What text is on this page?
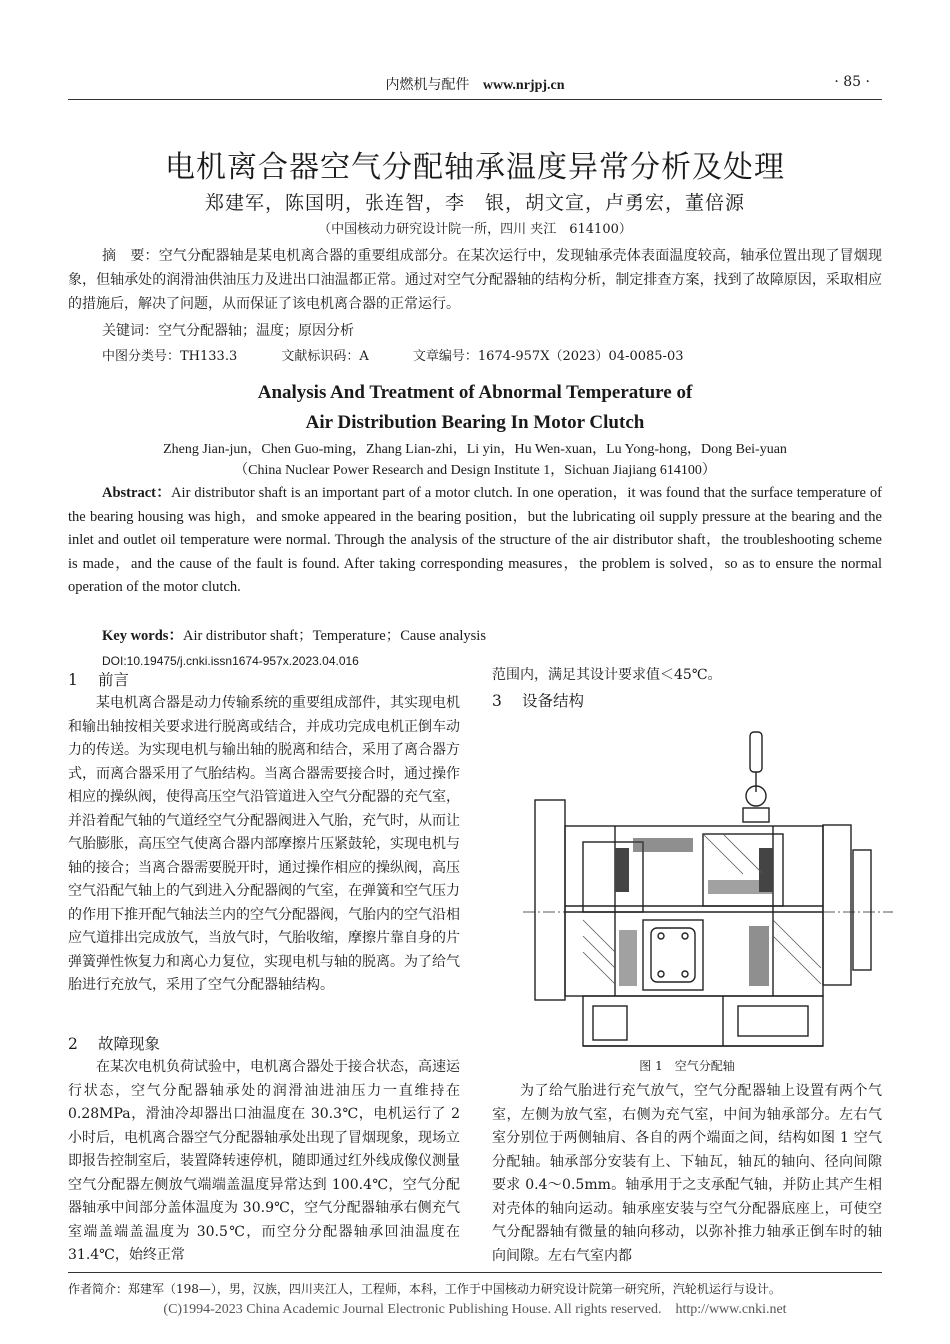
内燃机与配件 www.nrjpj.cn	· 85 ·
电机离合器空气分配轴承温度异常分析及处理
郑建军，陈国明，张连智，李　银，胡文宣，卢勇宏，董倍源
（中国核动力研究设计院一所，四川 夹江　614100）

摘　要：空气分配器轴是某电机离合器的重要组成部分。在某次运行中，发现轴承壳体表面温度较高，轴承位置出现了冒烟现象，但轴承处的润滑油供油压力及进出口油温都正常。通过对空气分配器轴的结构分析，制定排查方案，找到了故障原因，采取相应的措施后，解决了问题，从而保证了该电机离合器的正常运行。

关键词：空气分配器轴；温度；原因分析
中图分类号：TH133.3	文献标识码：A	文章编号：1674-957X（2023）04-0085-03
Analysis And Treatment of Abnormal Temperature of
Air Distribution Bearing In Motor Clutch
Zheng Jian-jun，Chen Guo-ming，Zhang Lian-zhi，Li yin，Hu Wen-xuan，Lu Yong-hong，Dong Bei-yuan
（China Nuclear Power Research and Design Institute 1，Sichuan Jiajiang 614100）

Abstract：Air distributor shaft is an important part of a motor clutch. In one operation，it was found that the surface temperature of the bearing housing was high，and smoke appeared in the bearing position，but the lubricating oil supply pressure at the bearing and the inlet and outlet oil temperature were normal. Through the analysis of the structure of the air distributor shaft，the troubleshooting scheme is made，and the cause of the fault is found. After taking corresponding measures，the problem is solved，so as to ensure the normal operation of the motor clutch.

Key words：Air distributor shaft；Temperature；Cause analysis
DOI:10.19475/j.cnki.issn1674-957x.2023.04.016
1 前言

某电机离合器是动力传输系统的重要组成部件，其实现电机和输出轴按相关要求进行脱离或结合，并成功完成电机正倒车动力的传送。为实现电机与输出轴的脱离和结合，采用了离合器方式，而离合器采用了气胎结构。当离合器需要接合时，通过操作相应的操纵阀，使得高压空气沿管道进入空气分配器的充气室，并沿着配气轴的气道经空气分配器阀进入气胎，充气时，从而让气胎膨胀，高压空气使离合器内部摩擦片压紧鼓轮，实现电机与轴的接合；当离合器需要脱开时，通过操作相应的操纵阀，高压空气沿配气轴上的气到进入分配器阀的气室，在弹簧和空气压力的作用下推开配气轴法兰内的空气分配器阀，气胎内的空气沿相应气道排出完成放气，当放气时，气胎收缩，摩擦片靠自身的片弹簧弹性恢复力和离心力复位，实现电机与轴的脱离。为了给气胎进行充放气，采用了空气分配器轴结构。

2 故障现象

在某次电机负荷试验中，电机离合器处于接合状态，高速运行状态，空气分配器轴承处的润滑油进油压力一直维持在 0.28MPa，滑油冷却器出口油温度在 30.3℃，电机运行了 2 小时后，电机离合器空气分配器轴承处出现了冒烟现象，现场立即报告控制室后，装置降转速停机，随即通过红外线成像仪测量空气分配器左侧放气端端盖温度异常达到 100.4℃，空气分配器轴承中间部分盖体温度为 30.9℃，空气分配器轴承右侧充气室端盖端盖温度为 30.5℃，而空分分配器轴承回油温度在 31.4℃，始终正常

范围内，满足其设计要求值＜45℃。

3 设备结构
图 1　空气分配轴

为了给气胎进行充气放气，空气分配器轴上设置有两个气室，左侧为放气室，右侧为充气室，中间为轴承部分。左右气室分别位于两侧轴肩、各自的两个端面之间，结构如图 1 空气分配轴。轴承部分安装有上、下轴瓦，轴瓦的轴向、径向间隙要求 0.4～0.5mm。轴承用于之支承配气轴，并防止其产生相对壳体的轴向运动。轴承座安装与空气分配器底座上，可使空气分配器轴有微量的轴向移动，以弥补推力轴承正倒车时的轴向间隙。左右气室内都

作者简介：郑建军（198—），男，汉族，四川夹江人，工程师，本科，工作于中国核动力研究设计院第一研究所，汽轮机运行与设计。
(C)1994-2023 China Academic Journal Electronic Publishing House. All rights reserved.　http://www.cnki.net
